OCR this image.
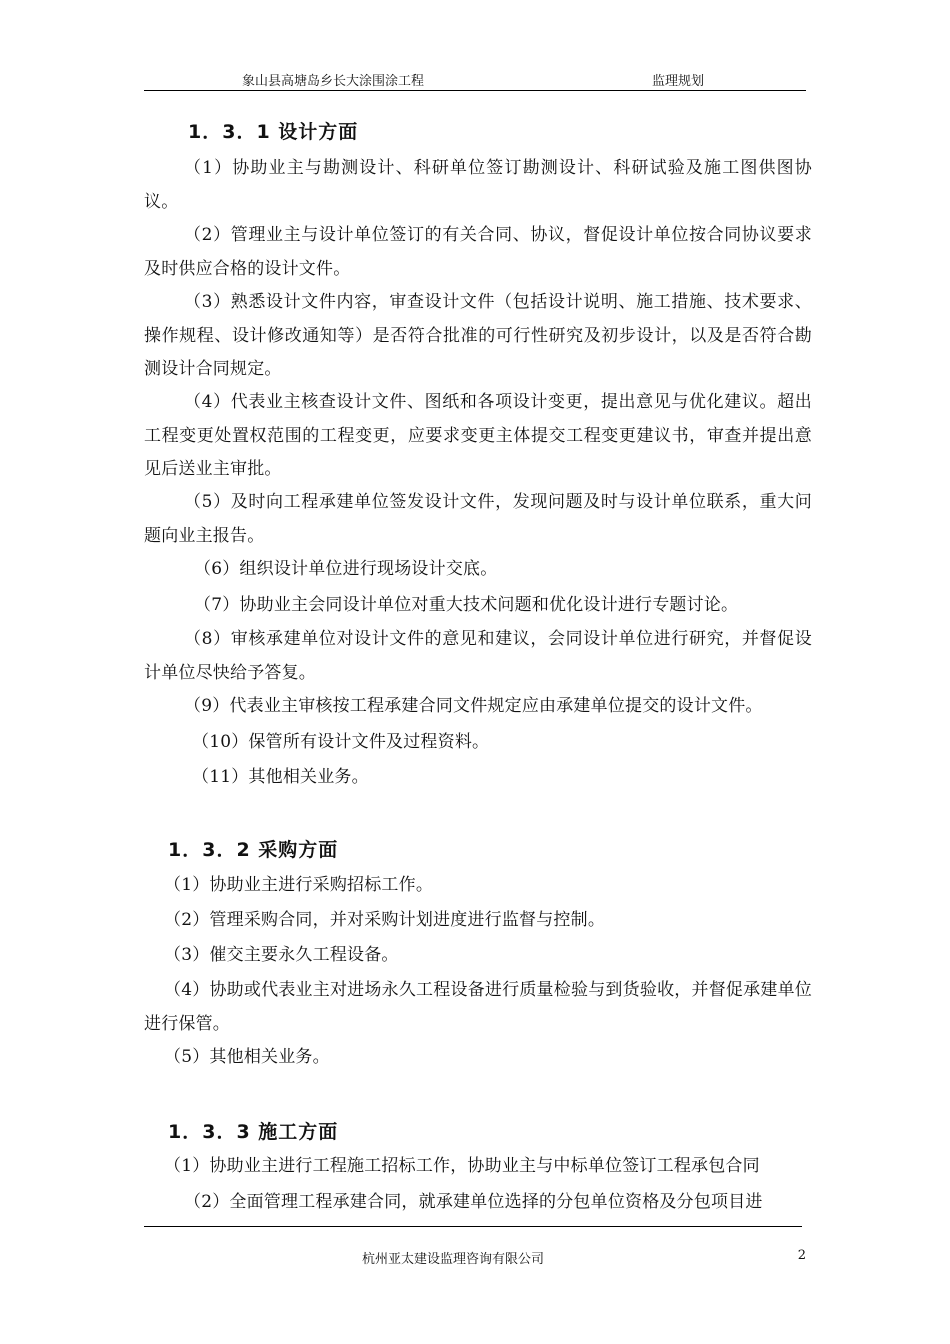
象山县高塘岛乡长大涂围涂工程	监理规划
1．3．1 设计方面
（1）协助业主与勘测设计、科研单位签订勘测设计、科研试验及施工图供图协议。
（2）管理业主与设计单位签订的有关合同、协议，督促设计单位按合同协议要求及时供应合格的设计文件。
（3）熟悉设计文件内容，审查设计文件（包括设计说明、施工措施、技术要求、操作规程、设计修改通知等）是否符合批准的可行性研究及初步设计，以及是否符合勘测设计合同规定。
（4）代表业主核查设计文件、图纸和各项设计变更，提出意见与优化建议。超出工程变更处置权范围的工程变更，应要求变更主体提交工程变更建议书，审查并提出意见后送业主审批。
（5）及时向工程承建单位签发设计文件，发现问题及时与设计单位联系，重大问题向业主报告。
（6）组织设计单位进行现场设计交底。
（7）协助业主会同设计单位对重大技术问题和优化设计进行专题讨论。
（8）审核承建单位对设计文件的意见和建议，会同设计单位进行研究，并督促设计单位尽快给予答复。
（9）代表业主审核按工程承建合同文件规定应由承建单位提交的设计文件。
（10）保管所有设计文件及过程资料。
（11）其他相关业务。
1．3．2 采购方面
（1）协助业主进行采购招标工作。
（2）管理采购合同，并对采购计划进度进行监督与控制。
（3）催交主要永久工程设备。
（4）协助或代表业主对进场永久工程设备进行质量检验与到货验收，并督促承建单位进行保管。
（5）其他相关业务。
1．3．3 施工方面
（1）协助业主进行工程施工招标工作，协助业主与中标单位签订工程承包合同
（2）全面管理工程承建合同，就承建单位选择的分包单位资格及分包项目进
杭州亚太建设监理咨询有限公司	2
